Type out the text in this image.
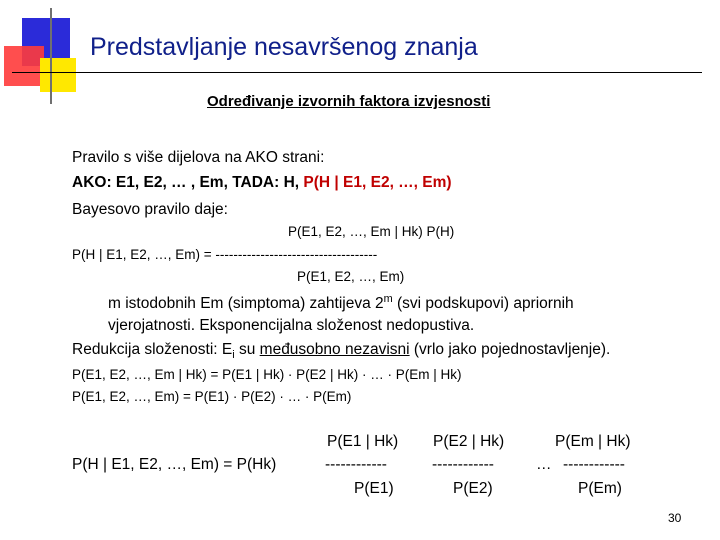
Predstavljanje nesavršenog znanja
Određivanje izvornih faktora izvjesnosti
Pravilo s više dijelova na AKO strani:
AKO: E1, E2, … , Em, TADA: H, P(H | E1, E2, …, Em)
Bayesovo pravilo daje:
P(E1, E2, …, Em | Hk) P(H)
P(H | E1, E2, …, Em) = ------------------------------------
P(E1, E2, …, Em)
m istodobnih Em (simptoma) zahtijeva 2$^m$ (svi podskupovi) apriornih
vjerojatnosti. Eksponencijalna složenost nedopustiva.
Redukcija složenosti: $E_i$ su međusobno nezavisni (vrlo jako pojednostavljenje).
P(E1, E2, …, Em | Hk) = P(E1 | Hk) · P(E2 | Hk) · … · P(Em | Hk)
P(E1, E2, …, Em) = P(E1) · P(E2) · … · P(Em)
P(E1 | Hk) P(E2 | Hk)	P(Em | Hk)
P(H | E1, E2, …, Em) = P(Hk)	------------	------------	… ------------
P(E1)	P(E2)	P(Em)
30
